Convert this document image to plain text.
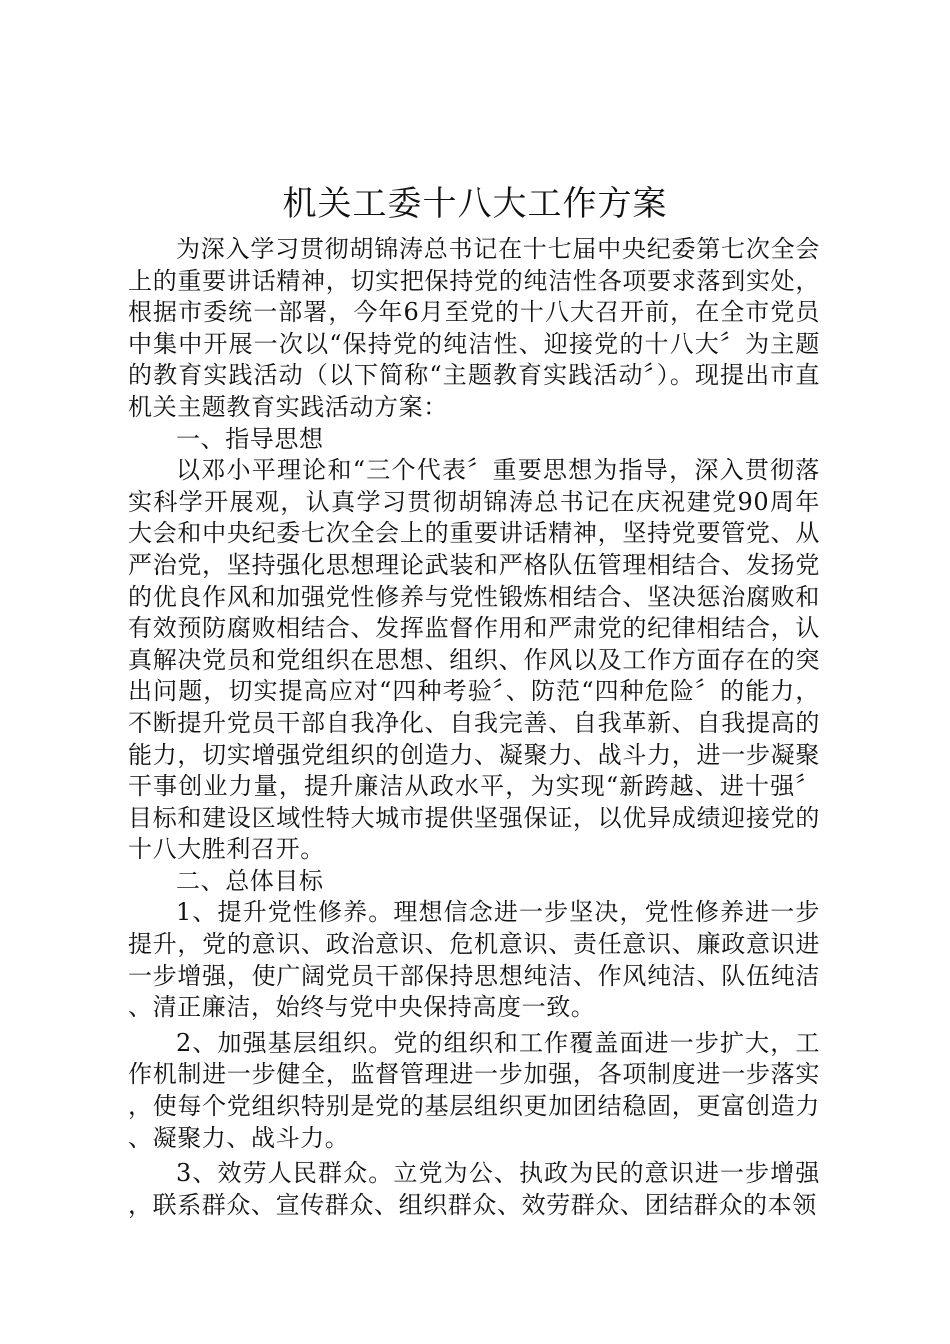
机关工委十八大工作方案

为深入学习贯彻胡锦涛总书记在十七届中央纪委第七次全会上的重要讲话精神，切实把保持党的纯洁性各项要求落到实处，根据市委统一部署，今年6月至党的十八大召开前，在全市党员中集中开展一次以“保持党的纯洁性、迎接党的十八大〞为主题的教育实践活动（以下简称“主题教育实践活动〞）。现提出市直机关主题教育实践活动方案：

一、指导思想

以邓小平理论和“三个代表〞重要思想为指导，深入贯彻落实科学开展观，认真学习贯彻胡锦涛总书记在庆祝建党90周年大会和中央纪委七次全会上的重要讲话精神，坚持党要管党、从严治党，坚持强化思想理论武装和严格队伍管理相结合、发扬党的优良作风和加强党性修养与党性锻炼相结合、坚决惩治腐败和有效预防腐败相结合、发挥监督作用和严肃党的纪律相结合，认真解决党员和党组织在思想、组织、作风以及工作方面存在的突出问题，切实提高应对“四种考验〞、防范“四种危险〞的能力，不断提升党员干部自我净化、自我完善、自我革新、自我提高的能力，切实增强党组织的创造力、凝聚力、战斗力，进一步凝聚干事创业力量，提升廉洁从政水平，为实现“新跨越、进十强〞目标和建设区域性特大城市提供坚强保证，以优异成绩迎接党的十八大胜利召开。

二、总体目标

1、提升党性修养。理想信念进一步坚决，党性修养进一步提升，党的意识、政治意识、危机意识、责任意识、廉政意识进一步增强，使广阔党员干部保持思想纯洁、作风纯洁、队伍纯洁、清正廉洁，始终与党中央保持高度一致。

2、加强基层组织。党的组织和工作覆盖面进一步扩大，工作机制进一步健全，监督管理进一步加强，各项制度进一步落实，使每个党组织特别是党的基层组织更加团结稳固，更富创造力、凝聚力、战斗力。

3、效劳人民群众。立党为公、执政为民的意识进一步增强，联系群众、宣传群众、组织群众、效劳群众、团结群众的本领
